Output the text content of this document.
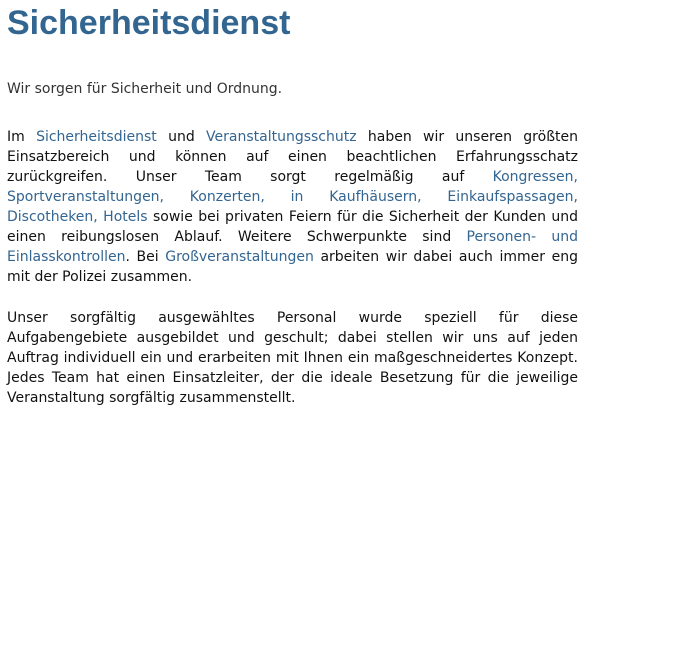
Sicherheitsdienst

Wir sorgen für Sicherheit und Ordnung.

Im Sicherheitsdienst und Veranstaltungsschutz haben wir unseren größten Einsatzbereich und können auf einen beachtlichen Erfahrungsschatz zurückgreifen. Unser Team sorgt regelmäßig auf Kongressen, Sportveranstaltungen, Konzerten, in Kaufhäusern, Einkaufspassagen, Discotheken, Hotels sowie bei privaten Feiern für die Sicherheit der Kunden und einen reibungslosen Ablauf. Weitere Schwerpunkte sind Personen- und Einlasskontrollen. Bei Großveranstaltungen arbeiten wir dabei auch immer eng mit der Polizei zusammen.

Unser sorgfältig ausgewähltes Personal wurde speziell für diese Aufgabengebiete ausgebildet und geschult; dabei stellen wir uns auf jeden Auftrag individuell ein und erarbeiten mit Ihnen ein maßgeschneidertes Konzept. Jedes Team hat einen Einsatzleiter, der die ideale Besetzung für die jeweilige Veranstaltung sorgfältig zusammenstellt.
